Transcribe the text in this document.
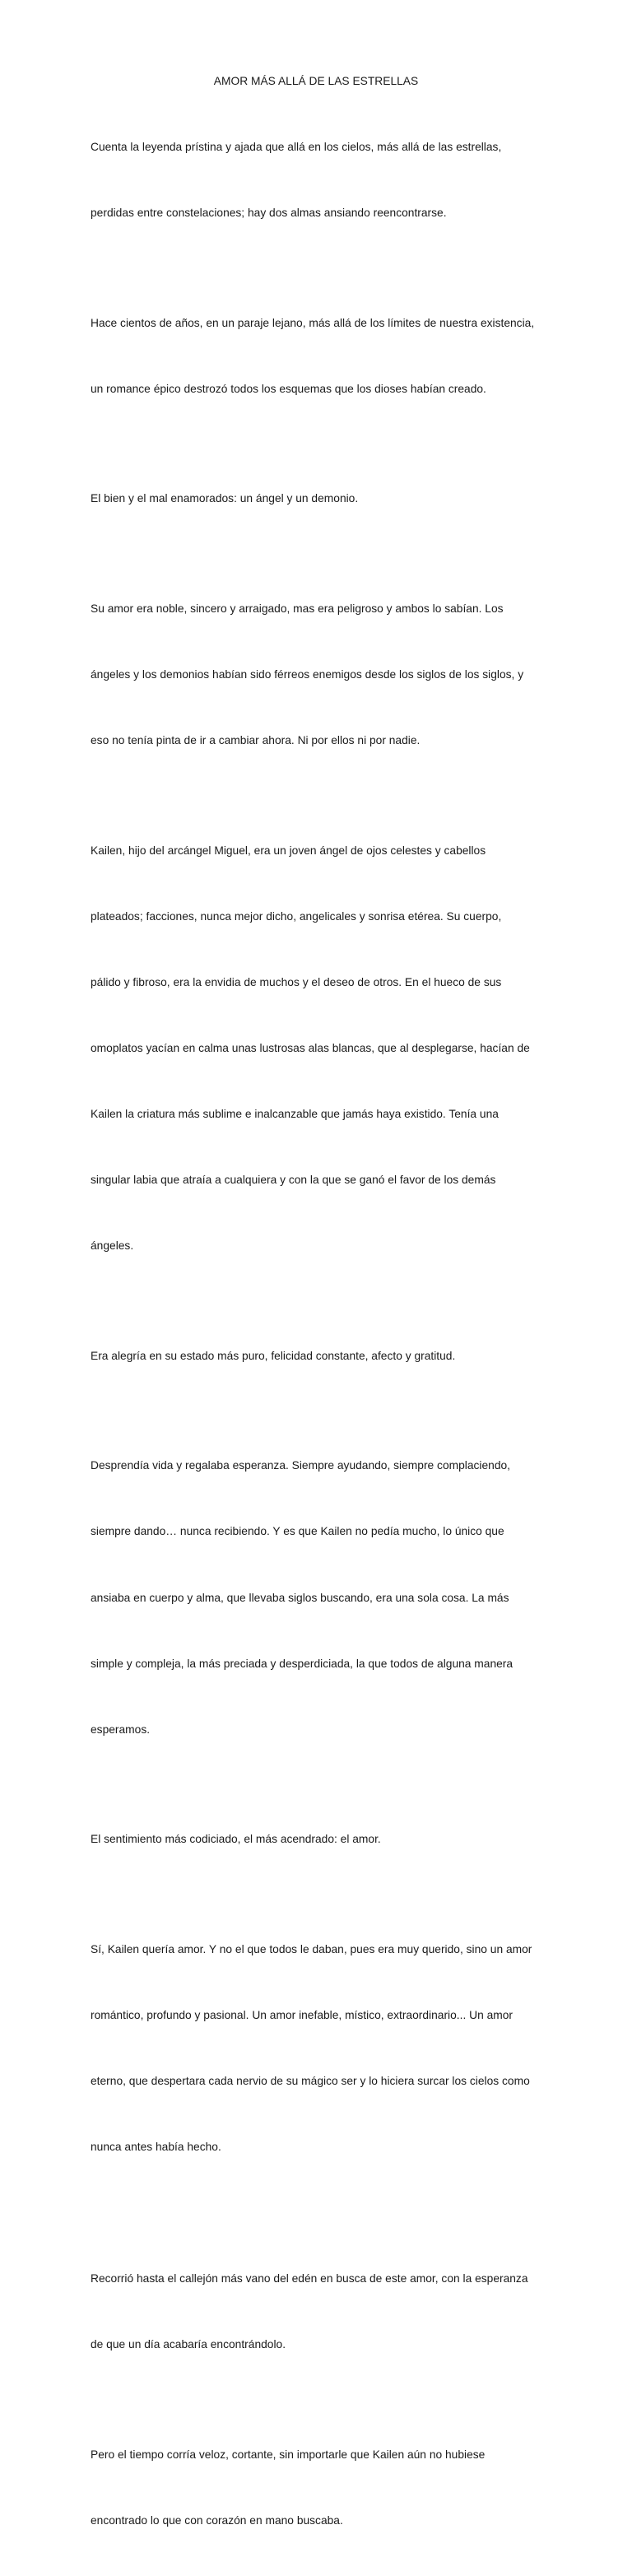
AMOR MÁS ALLÁ DE LAS ESTRELLAS

Cuenta la leyenda prístina y ajada que allá en los cielos, más allá de las estrellas,

perdidas entre constelaciones; hay dos almas ansiando reencontrarse.

Hace cientos de años, en un paraje lejano, más allá de los límites de nuestra existencia,

un romance épico destrozó todos los esquemas que los dioses habían creado.

El bien y el mal enamorados: un ángel y un demonio.

Su amor era noble, sincero y arraigado, mas era peligroso y ambos lo sabían. Los

ángeles y los demonios habían sido férreos enemigos desde los siglos de los siglos, y

eso no tenía pinta de ir a cambiar ahora. Ni por ellos ni por nadie.

Kailen, hijo del arcángel Miguel, era un joven ángel de ojos celestes y cabellos

plateados; facciones, nunca mejor dicho, angelicales y sonrisa etérea. Su cuerpo,

pálido y fibroso, era la envidia de muchos y el deseo de otros. En el hueco de sus

omoplatos yacían en calma unas lustrosas alas blancas, que al desplegarse, hacían de

Kailen la criatura más sublime e inalcanzable que jamás haya existido. Tenía una

singular labia que atraía a cualquiera y con la que se ganó el favor de los demás

ángeles.

Era alegría en su estado más puro, felicidad constante, afecto y gratitud.

Desprendía vida y regalaba esperanza. Siempre ayudando, siempre complaciendo,

siempre dando… nunca recibiendo. Y es que Kailen no pedía mucho, lo único que

ansiaba en cuerpo y alma, que llevaba siglos buscando, era una sola cosa. La más

simple y compleja, la más preciada y desperdiciada, la que todos de alguna manera

esperamos.

El sentimiento más codiciado, el más acendrado: el amor.

Sí, Kailen quería amor. Y no el que todos le daban, pues era muy querido, sino un amor

romántico, profundo y pasional. Un amor inefable, místico, extraordinario... Un amor

eterno, que despertara cada nervio de su mágico ser y lo hiciera surcar los cielos como

nunca antes había hecho.

Recorrió hasta el callejón más vano del edén en busca de este amor, con la esperanza

de que un día acabaría encontrándolo.

Pero el tiempo corría veloz, cortante, sin importarle que Kailen aún no hubiese

encontrado lo que con corazón en mano buscaba.
